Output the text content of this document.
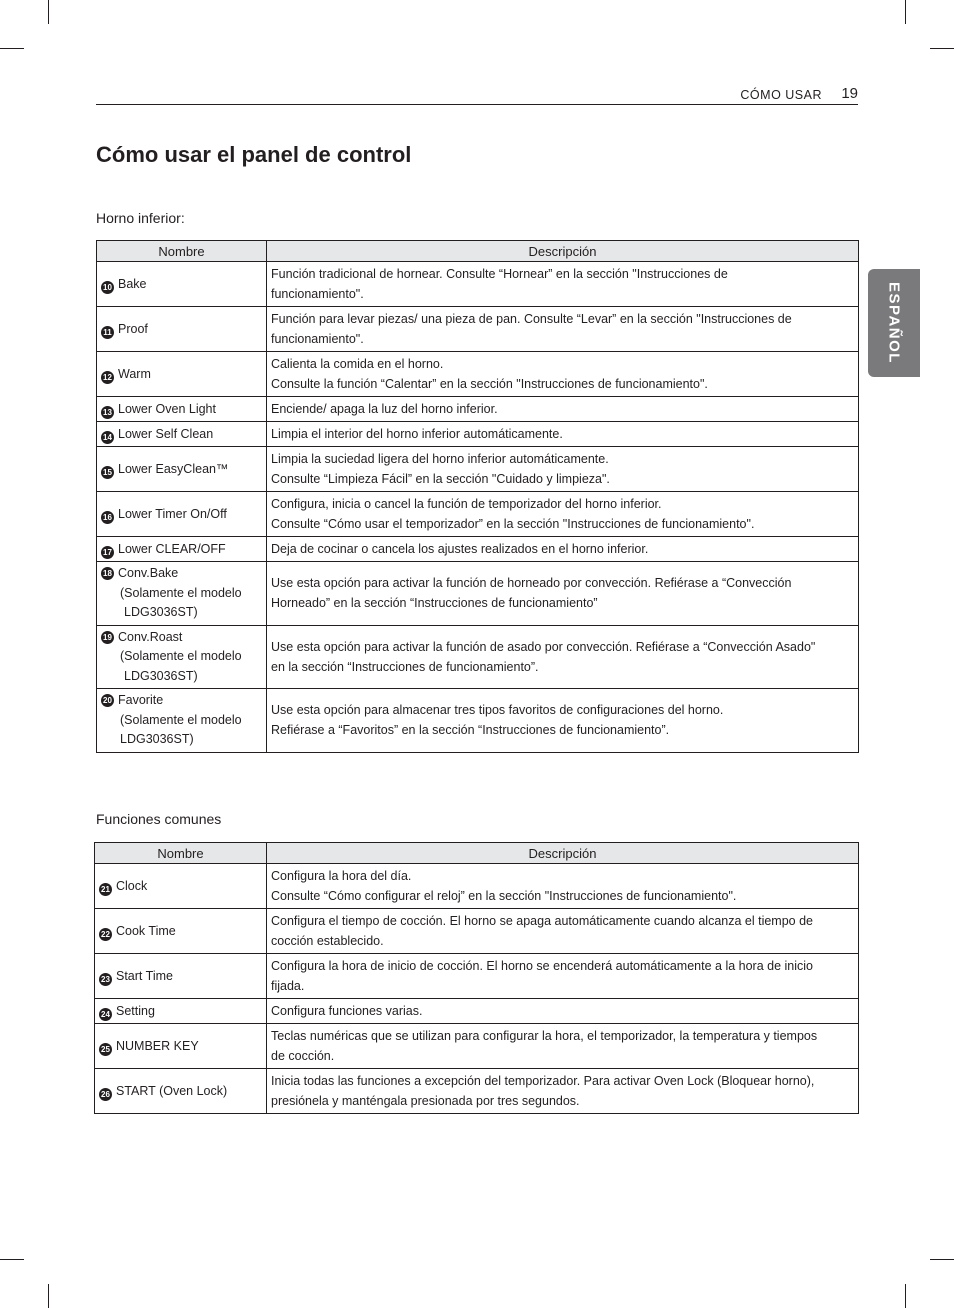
CÓMO USAR 19
Cómo usar el panel de control
ESPAÑOL
Horno inferior:
Nombre	Descripción
10 Bake	Función tradicional de hornear. Consulte “Hornear” en la sección "Instrucciones de
funcionamiento".
11 Proof	Función para levar piezas/ una pieza de pan. Consulte “Levar” en la sección "Instrucciones de
funcionamiento".
12 Warm	Calienta la comida en el horno.
Consulte la función “Calentar” en la sección "Instrucciones de funcionamiento".
13 Lower Oven Light	Enciende/ apaga la luz del horno inferior.
14 Lower Self Clean	Limpia el interior del horno inferior automáticamente.
15 Lower EasyClean™	Limpia la suciedad ligera del horno inferior automáticamente.
Consulte “Limpieza Fácil” en la sección "Cuidado y limpieza".
16 Lower Timer On/Off	Configura, inicia o cancel la función de temporizador del horno inferior.
Consulte “Cómo usar el temporizador” en la sección "Instrucciones de funcionamiento".
17 Lower CLEAR/OFF	Deja de cocinar o cancela los ajustes realizados en el horno inferior.

18 Conv.Bake
(Solamente el modelo
LDG3036ST)	Use esta opción para activar la función de horneado por convección. Refiérase a “Convección
Horneado” en la sección “Instrucciones de funcionamiento”

19 Conv.Roast
(Solamente el modelo
LDG3036ST)	Use esta opción para activar la función de asado por convección. Refiérase a “Convección Asado"
en la sección “Instrucciones de funcionamiento”.

20 Favorite
(Solamente el modelo
LDG3036ST)	Use esta opción para almacenar tres tipos favoritos de configuraciones del horno.
Refiérase a “Favoritos” en la sección “Instrucciones de funcionamiento”.
Funciones comunes
Nombre	Descripción
21 Clock	Configura la hora del día.
Consulte “Cómo configurar el reloj” en la sección "Instrucciones de funcionamiento".
22 Cook Time	Configura el tiempo de cocción. El horno se apaga automáticamente cuando alcanza el tiempo de
cocción establecido.
23 Start Time	Configura la hora de inicio de cocción. El horno se encenderá automáticamente a la hora de inicio
fijada.
24 Setting	Configura funciones varias.
25 NUMBER KEY	Teclas numéricas que se utilizan para configurar la hora, el temporizador, la temperatura y tiempos
de cocción.
26 START (Oven Lock)	Inicia todas las funciones a excepción del temporizador. Para activar Oven Lock (Bloquear horno),
presiónela y manténgala presionada por tres segundos.
